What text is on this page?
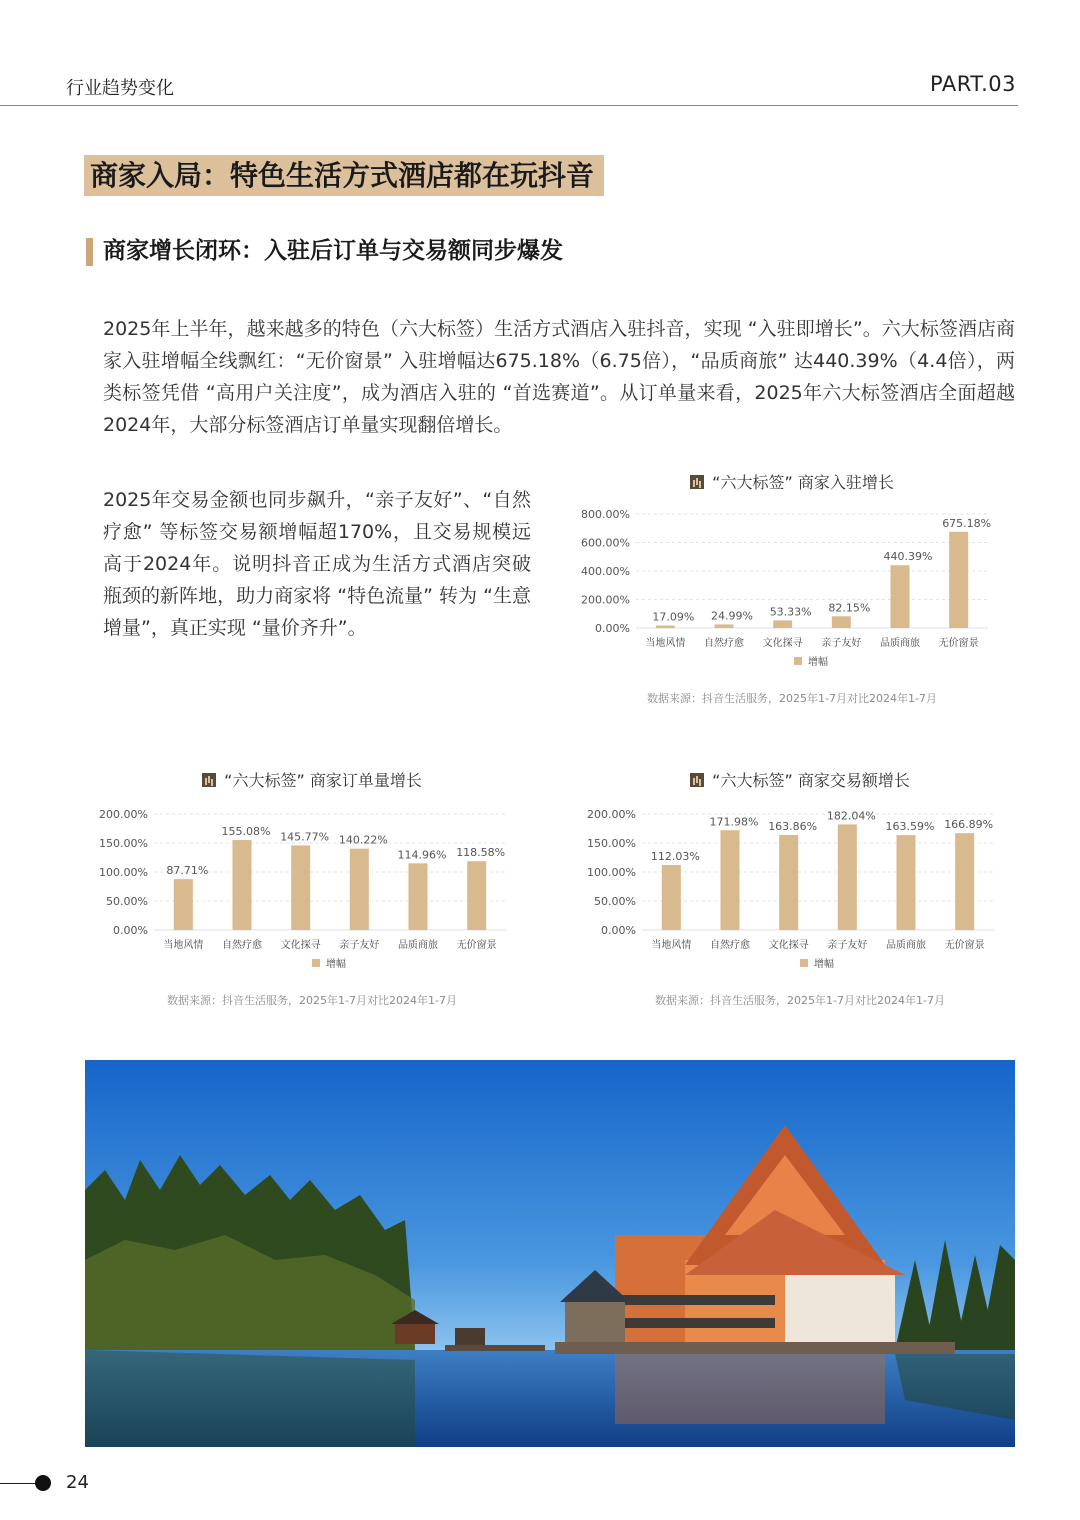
行业趋势变化	PART.03
商家入局：特色生活方式酒店都在玩抖音
商家增长闭环：入驻后订单与交易额同步爆发
2025年上半年，越来越多的特色（六大标签）生活方式酒店入驻抖音，实现 “入驻即增长”。六大标签酒店商家入驻增幅全线飘红：“无价窗景” 入驻增幅达675.18%（6.75倍），“品质商旅” 达440.39%（4.4倍），两类标签凭借 “高用户关注度”，成为酒店入驻的 “首选赛道”。从订单量来看，2025年六大标签酒店全面超越2024年，大部分标签酒店订单量实现翻倍增长。
2025年交易金额也同步飙升，“亲子友好”、“自然疗愈” 等标签交易额增幅超170%，且交易规模远高于2024年。说明抖音正成为生活方式酒店突破瓶颈的新阵地，助力商家将 “特色流量” 转为 “生意增量”，真正实现 “量价齐升”。
“六大标签” 商家入驻增长
0.00%
200.00%
400.00%
600.00%
800.00%
17.09%
当地风情
24.99%
自然疗愈
53.33%
文化探寻
82.15%
亲子友好
440.39%
品质商旅
675.18%
无价窗景
增幅
数据来源：抖音生活服务，2025年1-7月对比2024年1-7月
“六大标签” 商家订单量增长
0.00%
50.00%
100.00%
150.00%
200.00%
87.71%
当地风情
155.08%
自然疗愈
145.77%
文化探寻
140.22%
亲子友好
114.96%
品质商旅
118.58%
无价窗景
增幅
数据来源：抖音生活服务，2025年1-7月对比2024年1-7月
“六大标签” 商家交易额增长
0.00%
50.00%
100.00%
150.00%
200.00%
112.03%
当地风情
171.98%
自然疗愈
163.86%
文化探寻
182.04%
亲子友好
163.59%
品质商旅
166.89%
无价窗景
增幅
数据来源：抖音生活服务，2025年1-7月对比2024年1-7月
24
